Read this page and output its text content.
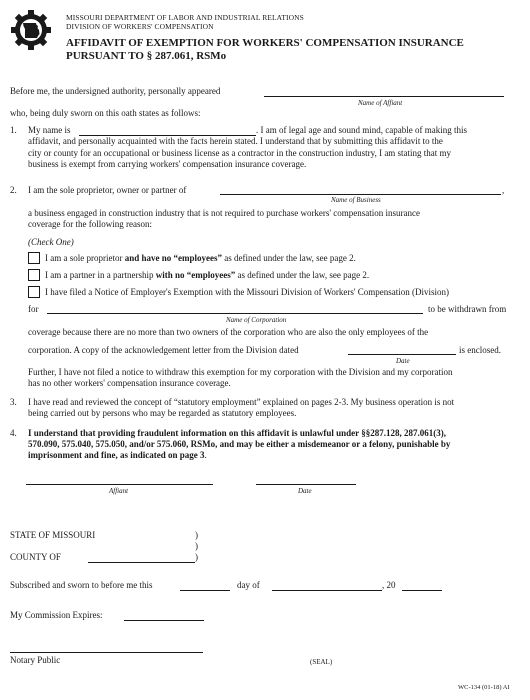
MISSOURI DEPARTMENT OF LABOR AND INDUSTRIAL RELATIONS
DIVISION OF WORKERS' COMPENSATION
AFFIDAVIT OF EXEMPTION FOR WORKERS' COMPENSATION INSURANCE
PURSUANT TO § 287.061, RSMo
Before me, the undersigned authority, personally appeared
Name of Affiant
who, being duly sworn on this oath states as follows:
1. My name is	. I am of legal age and sound mind, capable of making this
affidavit, and personally acquainted with the facts herein stated. I understand that by submitting this affidavit to the
city or county for an occupational or business license as a contractor in the construction industry, I am stating that my
business is exempt from carrying workers' compensation insurance coverage.
2. I am the sole proprietor, owner or partner of	,
Name of Business
a business engaged in construction industry that is not required to purchase workers' compensation insurance
coverage for the following reason:
(Check One)
I am a sole proprietor and have no “employees” as defined under the law, see page 2.
I am a partner in a partnership with no “employees” as defined under the law, see page 2.
I have filed a Notice of Employer's Exemption with the Missouri Division of Workers' Compensation (Division)
for	to be withdrawn from
Name of Corporation
coverage because there are no more than two owners of the corporation who are also the only employees of the
corporation. A copy of the acknowledgement letter from the Division dated	is enclosed.
Date
Further, I have not filed a notice to withdraw this exemption for my corporation with the Division and my corporation
has no other workers' compensation insurance coverage.
3. I have read and reviewed the concept of “statutory employment” explained on pages 2-3. My business operation is not
being carried out by persons who may be regarded as statutory employees.
4. I understand that providing fraudulent information on this affidavit is unlawful under §§287.128, 287.061(3),
570.090, 575.040, 575.050, and/or 575.060, RSMo, and may be either a misdemeanor or a felony, punishable by
imprisonment and fine, as indicated on page 3.
Affiant	Date
STATE OF MISSOURI	)
)
COUNTY OF	)
Subscribed and sworn to before me this	day of	, 20
My Commission Expires:
Notary Public	(SEAL)
WC-134 (01-18) AI
